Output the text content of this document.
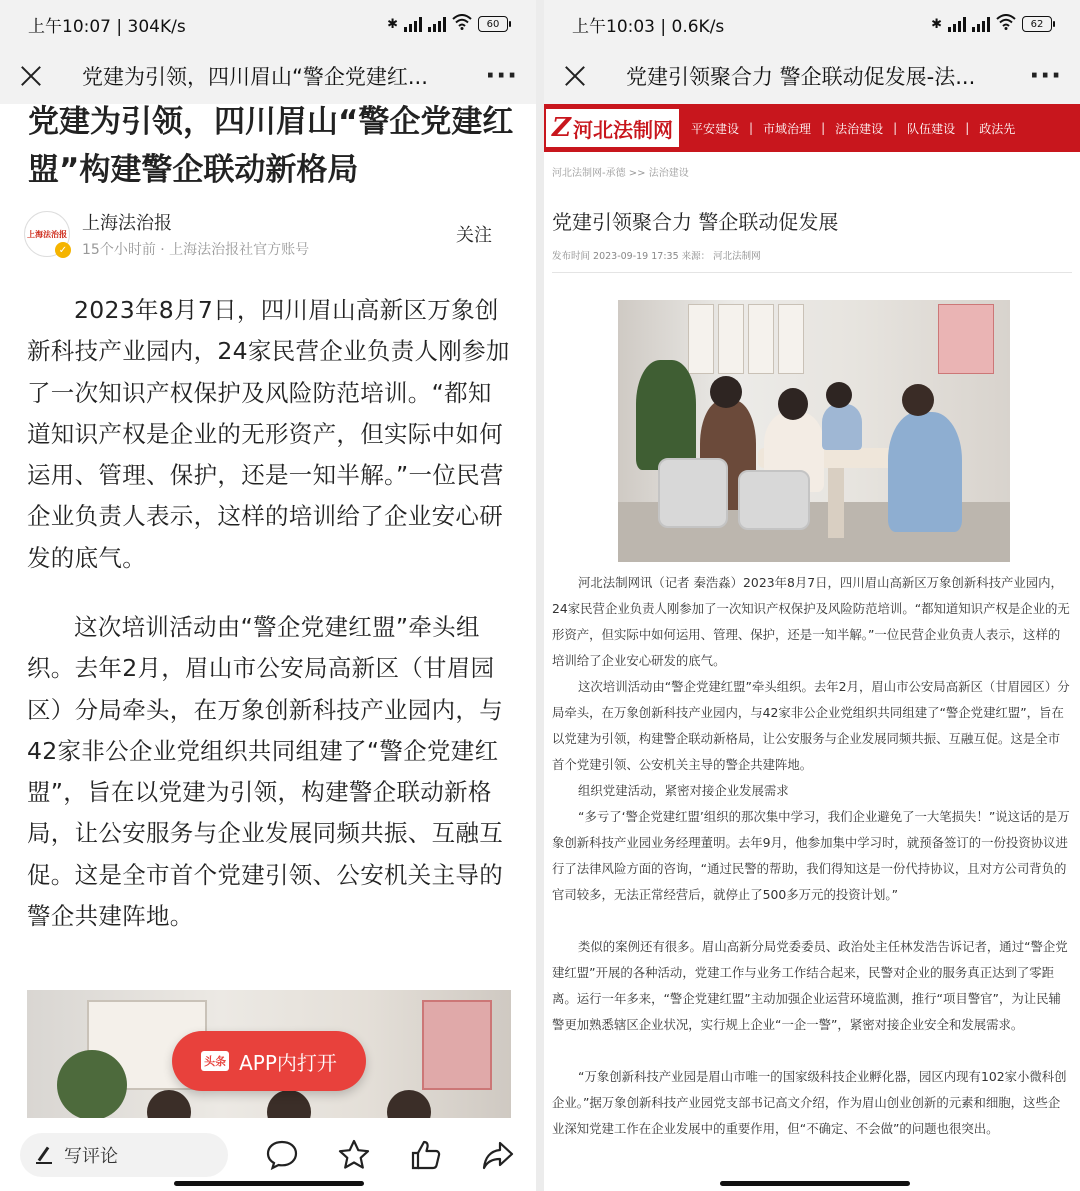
上午10:07 | 304K/s	✱	60
党建为引领，四川眉山“警企党建红...	···
党建为引领，四川眉山“警企党建红盟”构建警企联动新格局
上海法治报
✓
上海法治报
15个小时前 · 上海法治报社官方账号
关注

2023年8月7日，四川眉山高新区万象创新科技产业园内，24家民营企业负责人刚参加了一次知识产权保护及风险防范培训。“都知道知识产权是企业的无形资产，但实际中如何运用、管理、保护，还是一知半解。”一位民营企业负责人表示，这样的培训给了企业安心研发的底气。

这次培训活动由“警企党建红盟”牵头组织。去年2月，眉山市公安局高新区（甘眉园区）分局牵头，在万象创新科技产业园内，与42家非公企业党组织共同组建了“警企党建红盟”，旨在以党建为引领，构建警企联动新格局，让公安服务与企业发展同频共振、互融互促。这是全市首个党建引领、公安机关主导的警企共建阵地。

头条 APP内打开
写评论
上午10:03 | 0.6K/s	✱	62
党建引领聚合力 警企联动促发展-法...	···
Z 河北法制网 平安建设 | 市域治理 | 法治建设 | 队伍建设 | 政法先
河北法制网-承德 >> 法治建设
党建引领聚合力 警企联动促发展
发布时间 2023-09-19 17:35 来源： 河北法制网

河北法制网讯（记者 秦浩淼）2023年8月7日，四川眉山高新区万象创新科技产业园内，24家民营企业负责人刚参加了一次知识产权保护及风险防范培训。“都知道知识产权是企业的无形资产，但实际中如何运用、管理、保护，还是一知半解。”一位民营企业负责人表示，这样的培训给了企业安心研发的底气。

这次培训活动由“警企党建红盟”牵头组织。去年2月，眉山市公安局高新区（甘眉园区）分局牵头，在万象创新科技产业园内，与42家非公企业党组织共同组建了“警企党建红盟”，旨在以党建为引领，构建警企联动新格局，让公安服务与企业发展同频共振、互融互促。这是全市首个党建引领、公安机关主导的警企共建阵地。

组织党建活动，紧密对接企业发展需求

“多亏了‘警企党建红盟’组织的那次集中学习，我们企业避免了一大笔损失！”说这话的是万象创新科技产业园业务经理董明。去年9月，他参加集中学习时，就预备签订的一份投资协议进行了法律风险方面的咨询，“通过民警的帮助，我们得知这是一份代持协议，且对方公司背负的官司较多，无法正常经营后，就停止了500多万元的投资计划。”

类似的案例还有很多。眉山高新分局党委委员、政治处主任林发浩告诉记者，通过“警企党建红盟”开展的各种活动，党建工作与业务工作结合起来，民警对企业的服务真正达到了零距离。运行一年多来，“警企党建红盟”主动加强企业运营环境监测，推行“项目警官”，为让民辅警更加熟悉辖区企业状况，实行规上企业“一企一警”，紧密对接企业安全和发展需求。

“万象创新科技产业园是眉山市唯一的国家级科技企业孵化器，园区内现有102家小微科创企业。”据万象创新科技产业园党支部书记高文介绍，作为眉山创业创新的元素和细胞，这些企业深知党建工作在企业发展中的重要作用，但“不确定、不会做”的问题也很突出。
